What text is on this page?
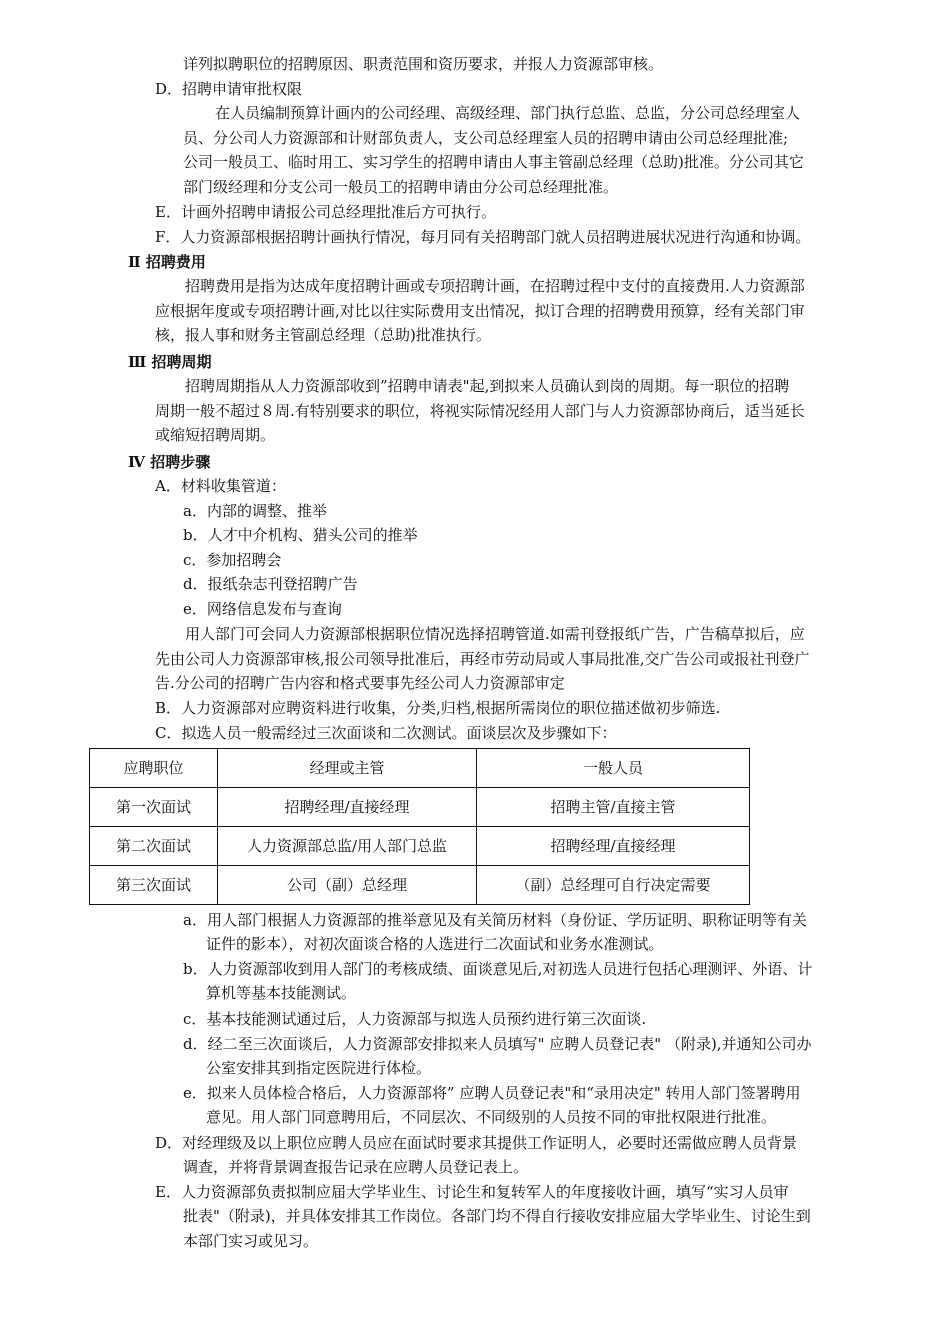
详列拟聘职位的招聘原因、职责范围和资历要求，并报人力资源部审核。
D．招聘申请审批权限
在人员编制预算计画内的公司经理、高级经理、部门执行总监、总监，分公司总经理室人
员、分公司人力资源部和计财部负责人，支公司总经理室人员的招聘申请由公司总经理批准;
公司一般员工、临时用工、实习学生的招聘申请由人事主管副总经理（总助)批准。分公司其它
部门级经理和分支公司一般员工的招聘申请由分公司总经理批准。
E．计画外招聘申请报公司总经理批准后方可执行。
F．人力资源部根据招聘计画执行情况，每月同有关招聘部门就人员招聘进展状况进行沟通和协调。
Ⅱ 招聘费用
招聘费用是指为达成年度招聘计画或专项招聘计画，在招聘过程中支付的直接费用.人力资源部
应根据年度或专项招聘计画,对比以往实际费用支出情况，拟订合理的招聘费用预算，经有关部门审
核，报人事和财务主管副总经理（总助)批准执行。
Ⅲ 招聘周期
招聘周期指从人力资源部收到”招聘申请表"起,到拟来人员确认到岗的周期。每一职位的招聘
周期一般不超过８周.有特别要求的职位，将视实际情况经用人部门与人力资源部协商后，适当延长
或缩短招聘周期。
Ⅳ 招聘步骤
A．材料收集管道：
a．内部的调整、推举
b．人才中介机构、猎头公司的推举
c．参加招聘会
d．报纸杂志刊登招聘广告
e．网络信息发布与查询
用人部门可会同人力资源部根据职位情况选择招聘管道.如需刊登报纸广告，广告稿草拟后，应
先由公司人力资源部审核,报公司领导批准后，再经市劳动局或人事局批准,交广告公司或报社刊登广
告.分公司的招聘广告内容和格式要事先经公司人力资源部审定
B．人力资源部对应聘资料进行收集，分类,归档,根据所需岗位的职位描述做初步筛选.
C．拟选人员一般需经过三次面谈和二次测试。面谈层次及步骤如下：
应聘职位	经理或主管	一般人员
第一次面试	招聘经理/直接经理	招聘主管/直接主管
第二次面试	人力资源部总监/用人部门总监	招聘经理/直接经理
第三次面试	公司（副）总经理	（副）总经理可自行决定需要
a．用人部门根据人力资源部的推举意见及有关简历材料（身份证、学历证明、职称证明等有关
证件的影本），对初次面谈合格的人选进行二次面试和业务水准测试。
b．人力资源部收到用人部门的考核成绩、面谈意见后,对初选人员进行包括心理测评、外语、计
算机等基本技能测试。
c．基本技能测试通过后，人力资源部与拟选人员预约进行第三次面谈.
d．经二至三次面谈后，人力资源部安排拟来人员填写" 应聘人员登记表" （附录),并通知公司办
公室安排其到指定医院进行体检。
e．拟来人员体检合格后，人力资源部将” 应聘人员登记表"和“录用决定" 转用人部门签署聘用
意见。用人部门同意聘用后，不同层次、不同级别的人员按不同的审批权限进行批准。
D．对经理级及以上职位应聘人员应在面试时要求其提供工作证明人，必要时还需做应聘人员背景
调查，并将背景调查报告记录在应聘人员登记表上。
E．人力资源部负责拟制应届大学毕业生、讨论生和复转军人的年度接收计画，填写“实习人员审
批表"（附录)，并具体安排其工作岗位。各部门均不得自行接收安排应届大学毕业生、讨论生到
本部门实习或见习。
